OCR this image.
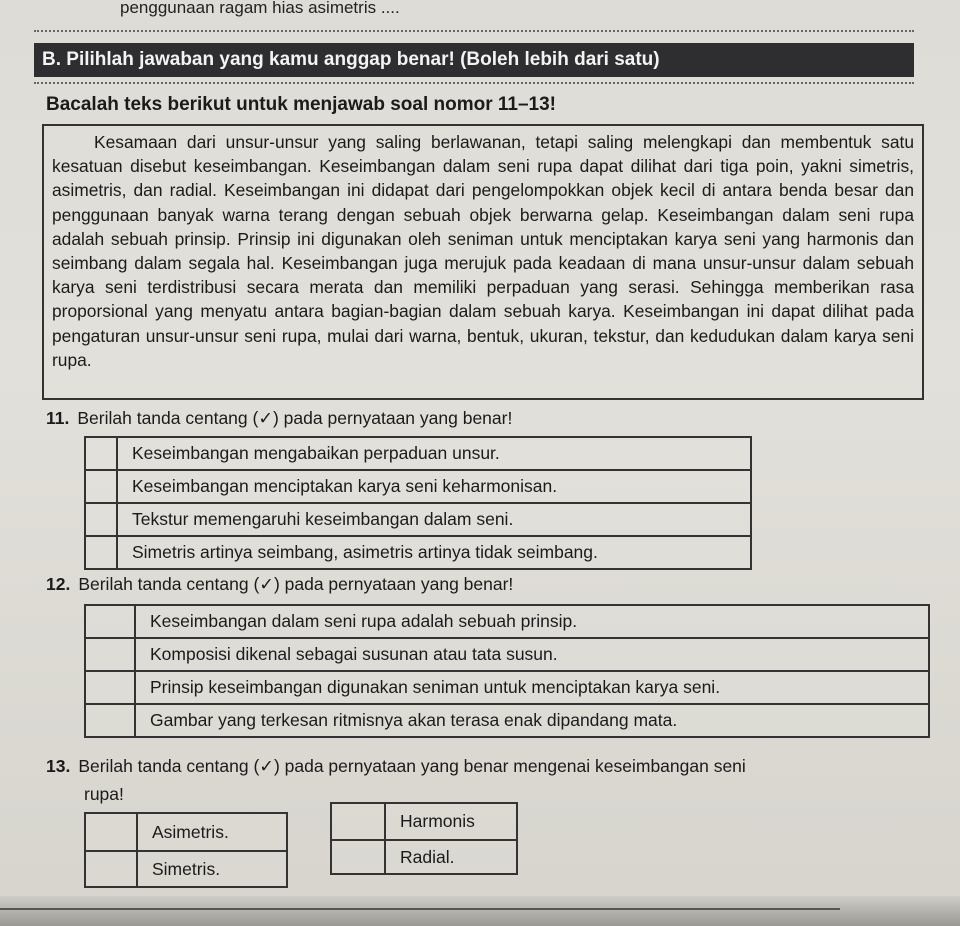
penggunaan ragam hias asimetris ....
B. Pilihlah jawaban yang kamu anggap benar! (Boleh lebih dari satu)
Bacalah teks berikut untuk menjawab soal nomor 11–13!
Kesamaan dari unsur-unsur yang saling berlawanan, tetapi saling melengkapi dan membentuk satu kesatuan disebut keseimbangan. Keseimbangan dalam seni rupa dapat dilihat dari tiga poin, yakni simetris, asimetris, dan radial. Keseimbangan ini didapat dari pengelompokkan objek kecil di antara benda besar dan penggunaan banyak warna terang dengan sebuah objek berwarna gelap. Keseimbangan dalam seni rupa adalah sebuah prinsip. Prinsip ini digunakan oleh seniman untuk menciptakan karya seni yang harmonis dan seimbang dalam segala hal. Keseimbangan juga merujuk pada keadaan di mana unsur-unsur dalam sebuah karya seni terdistribusi secara merata dan memiliki perpaduan yang serasi. Sehingga memberikan rasa proporsional yang menyatu antara bagian-bagian dalam sebuah karya. Keseimbangan ini dapat dilihat pada pengaturan unsur-unsur seni rupa, mulai dari warna, bentuk, ukuran, tekstur, dan kedudukan dalam karya seni rupa.
11. Berilah tanda centang (✓) pada pernyataan yang benar!
	Keseimbangan mengabaikan perpaduan unsur.
	Keseimbangan menciptakan karya seni keharmonisan.
	Tekstur memengaruhi keseimbangan dalam seni.
	Simetris artinya seimbang, asimetris artinya tidak seimbang.
12. Berilah tanda centang (✓) pada pernyataan yang benar!
	Keseimbangan dalam seni rupa adalah sebuah prinsip.
	Komposisi dikenal sebagai susunan atau tata susun.
	Prinsip keseimbangan digunakan seniman untuk menciptakan karya seni.
	Gambar yang terkesan ritmisnya akan terasa enak dipandang mata.
13. Berilah tanda centang (✓) pada pernyataan yang benar mengenai keseimbangan seni
rupa!
	Asimetris.
	Simetris.
	Harmonis
	Radial.
